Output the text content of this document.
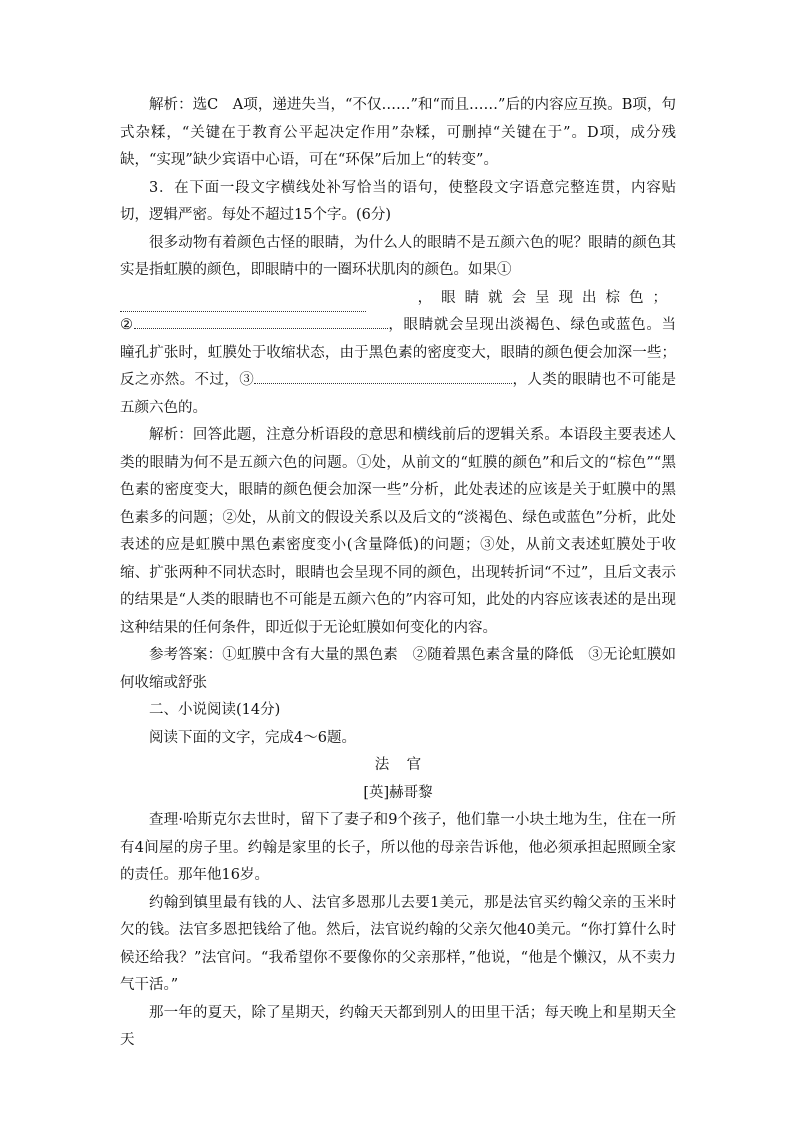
解析：选C　A项，递进失当，“不仅……”和“而且……”后的内容应互换。B项，句式杂糅，“关键在于教育公平起决定作用”杂糅，可删掉“关键在于”。D项，成分残缺，“实现”缺少宾语中心语，可在“环保”后加上“的转变”。

3．在下面一段文字横线处补写恰当的语句，使整段文字语意完整连贯，内容贴切，逻辑严密。每处不超过15个字。(6分)

很多动物有着颜色古怪的眼睛，为什么人的眼睛不是五颜六色的呢？眼睛的颜色其实是指虹膜的颜色，即眼睛中的一圈环状肌肉的颜色。如果①

，眼睛就会呈现出棕色；

②	，眼睛就会呈现出淡褐色、绿色或蓝色。当瞳孔扩张时，虹膜处于收缩状态，由于黑色素的密度变大，眼睛的颜色便会加深一些；反之亦然。不过，③	，人类的眼睛也不可能是五颜六色的。

解析：回答此题，注意分析语段的意思和横线前后的逻辑关系。本语段主要表述人类的眼睛为何不是五颜六色的问题。①处，从前文的“虹膜的颜色”和后文的“棕色”“黑色素的密度变大，眼睛的颜色便会加深一些”分析，此处表述的应该是关于虹膜中的黑色素多的问题；②处，从前文的假设关系以及后文的“淡褐色、绿色或蓝色”分析，此处表述的应是虹膜中黑色素密度变小(含量降低)的问题；③处，从前文表述虹膜处于收缩、扩张两种不同状态时，眼睛也会呈现不同的颜色，出现转折词“不过”，且后文表示的结果是“人类的眼睛也不可能是五颜六色的”内容可知，此处的内容应该表述的是出现这种结果的任何条件，即近似于无论虹膜如何变化的内容。

参考答案：①虹膜中含有大量的黑色素　②随着黑色素含量的降低　③无论虹膜如何收缩或舒张

二、小说阅读(14分)

阅读下面的文字，完成4～6题。

法官

[英]赫哥黎

查理·哈斯克尔去世时，留下了妻子和9个孩子，他们靠一小块土地为生，住在一所有4间屋的房子里。约翰是家里的长子，所以他的母亲告诉他，他必须承担起照顾全家的责任。那年他16岁。

约翰到镇里最有钱的人、法官多恩那儿去要1美元，那是法官买约翰父亲的玉米时欠的钱。法官多恩把钱给了他。然后，法官说约翰的父亲欠他40美元。“你打算什么时候还给我？”法官问。“我希望你不要像你的父亲那样，”他说，“他是个懒汉，从不卖力气干活。”

那一年的夏天，除了星期天，约翰天天都到别人的田里干活；每天晚上和星期天全天
